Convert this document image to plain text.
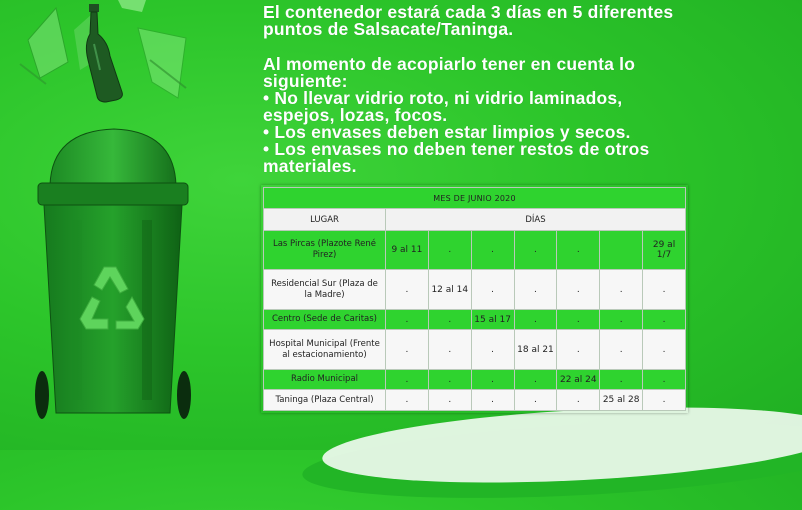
El contenedor estará cada 3 días en 5 diferentes

puntos de Salsacate/Taninga.

Al momento de acopiarlo tener en cuenta lo

siguiente:

• No llevar vidrio roto, ni vidrio laminados,

espejos, lozas, focos.

• Los envases deben estar limpios y secos.

• Los envases no deben tener restos de otros

materiales.

MES DE JUNIO 2020							
LUGAR	DÍAS						
Las Pircas (Plazote René Pirez)	9 al 11	.	.	.	.		29 al 1/7
Residencial Sur (Plaza de la Madre)	.	12 al 14	.	.	.	.	.
Centro (Sede de Caritas)	.	.	15 al 17	.	.	.	.
Hospital Municipal (Frente al estacionamiento)	.	.	.	18 al 21	.	.	.
Radio Municipal	.	.	.	.	22 al 24	.	.
Taninga (Plaza Central)	.	.	.	.	.	25 al 28	.
